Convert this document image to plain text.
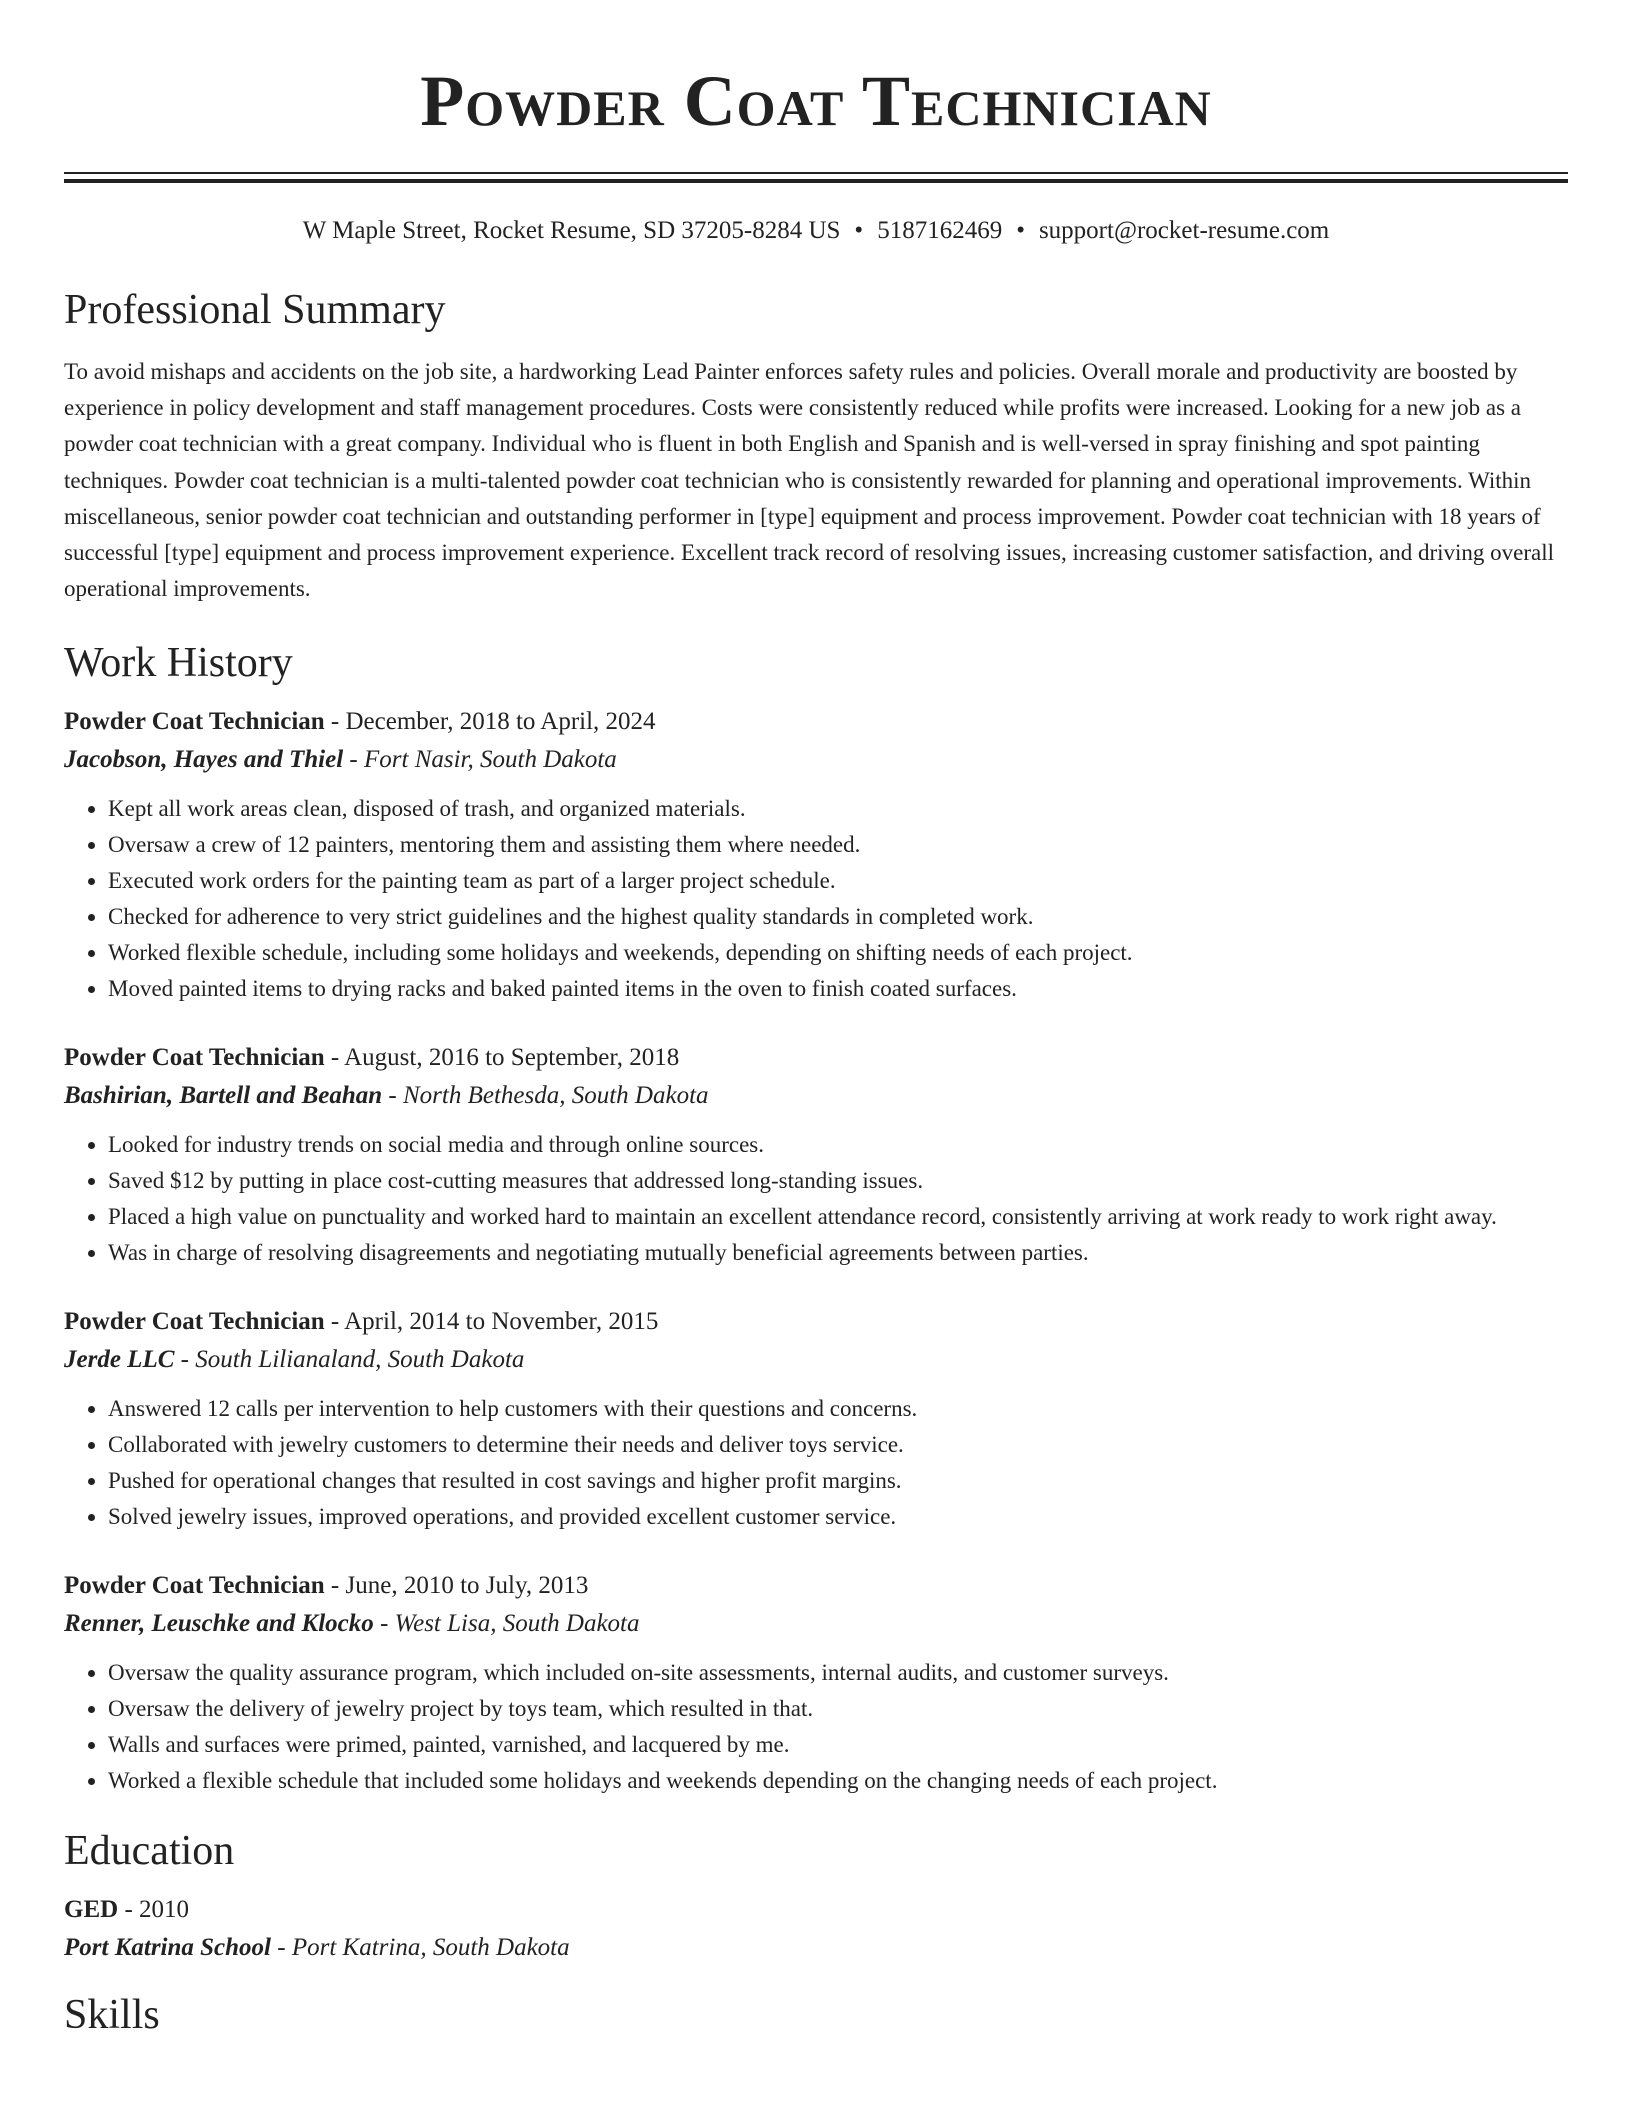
Powder Coat Technician
W Maple Street, Rocket Resume, SD 37205-8284 US • 5187162469 • support@rocket-resume.com
Professional Summary
To avoid mishaps and accidents on the job site, a hardworking Lead Painter enforces safety rules and policies. Overall morale and productivity are boosted by experience in policy development and staff management procedures. Costs were consistently reduced while profits were increased. Looking for a new job as a powder coat technician with a great company. Individual who is fluent in both English and Spanish and is well-versed in spray finishing and spot painting techniques. Powder coat technician is a multi-talented powder coat technician who is consistently rewarded for planning and operational improvements. Within miscellaneous, senior powder coat technician and outstanding performer in [type] equipment and process improvement. Powder coat technician with 18 years of successful [type] equipment and process improvement experience. Excellent track record of resolving issues, increasing customer satisfaction, and driving overall operational improvements.
Work History
Powder Coat Technician - December, 2018 to April, 2024
Jacobson, Hayes and Thiel - Fort Nasir, South Dakota
• Kept all work areas clean, disposed of trash, and organized materials.
• Oversaw a crew of 12 painters, mentoring them and assisting them where needed.
• Executed work orders for the painting team as part of a larger project schedule.
• Checked for adherence to very strict guidelines and the highest quality standards in completed work.
• Worked flexible schedule, including some holidays and weekends, depending on shifting needs of each project.
• Moved painted items to drying racks and baked painted items in the oven to finish coated surfaces.
Powder Coat Technician - August, 2016 to September, 2018
Bashirian, Bartell and Beahan - North Bethesda, South Dakota
• Looked for industry trends on social media and through online sources.
• Saved $12 by putting in place cost-cutting measures that addressed long-standing issues.
• Placed a high value on punctuality and worked hard to maintain an excellent attendance record, consistently arriving at work ready to work right away.
• Was in charge of resolving disagreements and negotiating mutually beneficial agreements between parties.
Powder Coat Technician - April, 2014 to November, 2015
Jerde LLC - South Lilianaland, South Dakota
• Answered 12 calls per intervention to help customers with their questions and concerns.
• Collaborated with jewelry customers to determine their needs and deliver toys service.
• Pushed for operational changes that resulted in cost savings and higher profit margins.
• Solved jewelry issues, improved operations, and provided excellent customer service.
Powder Coat Technician - June, 2010 to July, 2013
Renner, Leuschke and Klocko - West Lisa, South Dakota
• Oversaw the quality assurance program, which included on-site assessments, internal audits, and customer surveys.
• Oversaw the delivery of jewelry project by toys team, which resulted in that.
• Walls and surfaces were primed, painted, varnished, and lacquered by me.
• Worked a flexible schedule that included some holidays and weekends depending on the changing needs of each project.
Education
GED - 2010
Port Katrina School - Port Katrina, South Dakota
Skills
